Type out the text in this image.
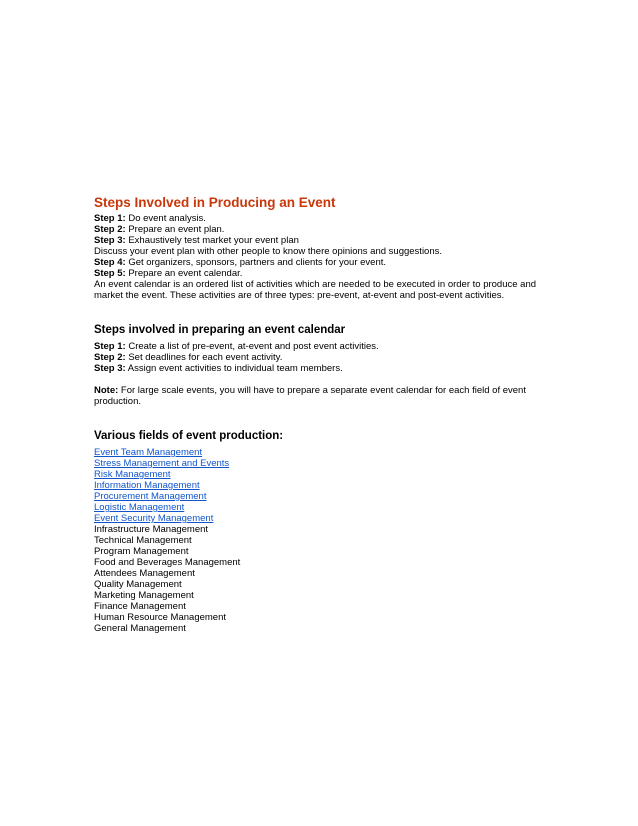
Steps Involved in Producing an Event

Step 1: Do event analysis.

Step 2: Prepare an event plan.

Step 3: Exhaustively test market your event plan

Discuss your event plan with other people to know there opinions and suggestions.

Step 4: Get organizers, sponsors, partners and clients for your event.

Step 5: Prepare an event calendar.

An event calendar is an ordered list of activities which are needed to be executed in order to produce and market the event. These activities are of three types: pre-event, at-event and post-event activities.

Steps involved in preparing an event calendar

Step 1: Create a list of pre-event, at-event and post event activities.

Step 2: Set deadlines for each event activity.

Step 3: Assign event activities to individual team members.

Note: For large scale events, you will have to prepare a separate event calendar for each field of event production.

Various fields of event production:
Event Team Management
Stress Management and Events
Risk Management
Information Management
Procurement Management
Logistic Management
Event Security Management
Infrastructure Management
Technical Management
Program Management
Food and Beverages Management
Attendees Management
Quality Management
Marketing Management
Finance Management
Human Resource Management
General Management
